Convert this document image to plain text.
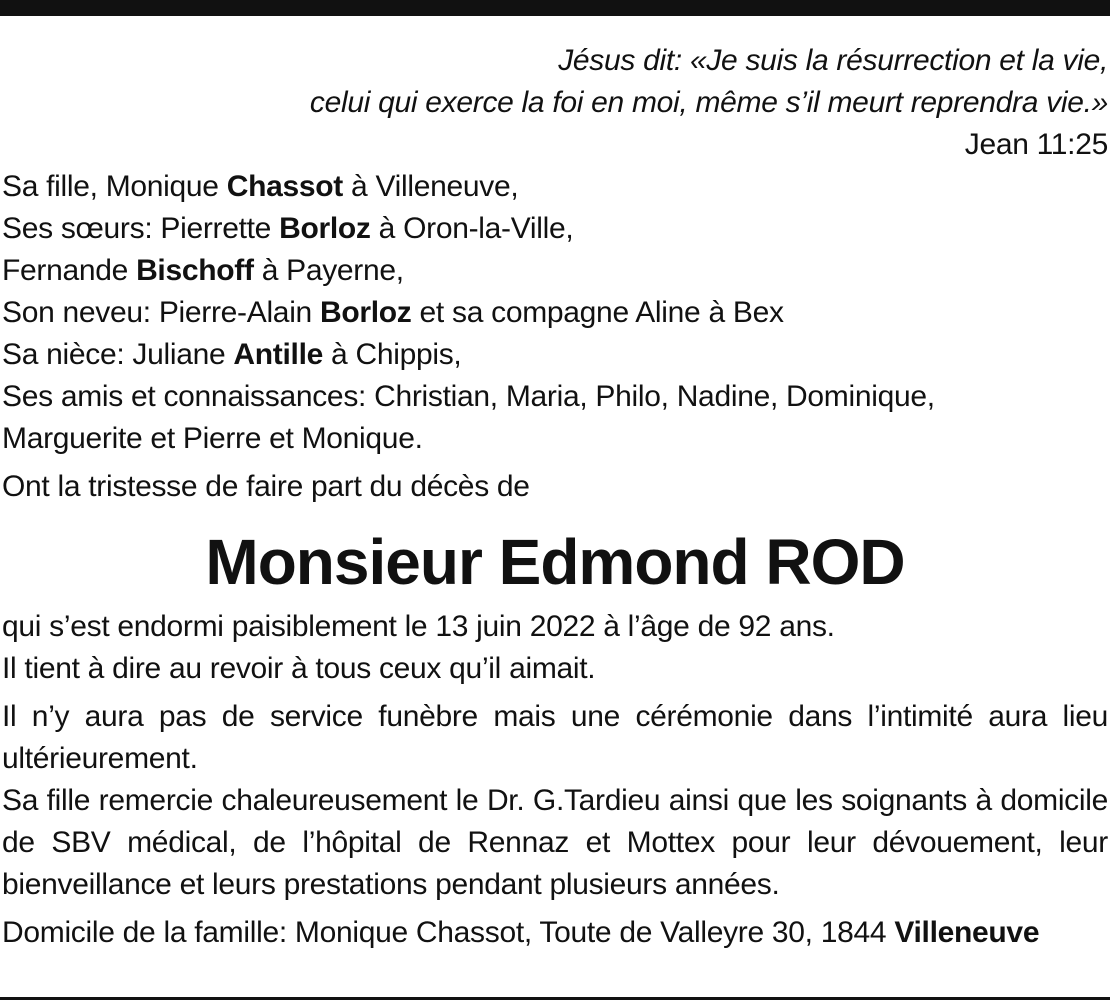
Jésus dit: «Je suis la résurrection et la vie,
celui qui exerce la foi en moi, même s’il meurt reprendra vie.»
Jean 11:25
Sa fille, Monique Chassot à Villeneuve,
Ses sœurs: Pierrette Borloz à Oron-la-Ville,
Fernande Bischoff à Payerne,
Son neveu: Pierre-Alain Borloz et sa compagne Aline à Bex
Sa nièce: Juliane Antille à Chippis,
Ses amis et connaissances: Christian, Maria, Philo, Nadine, Dominique,
Marguerite et Pierre et Monique.
Ont la tristesse de faire part du décès de
Monsieur Edmond ROD
qui s’est endormi paisiblement le 13 juin 2022 à l’âge de 92 ans.
Il tient à dire au revoir à tous ceux qu’il aimait.
Il n’y aura pas de service funèbre mais une cérémonie dans l’intimité aura lieu ultérieurement.
Sa fille remercie chaleureusement le Dr. G.Tardieu ainsi que les soignants à domicile de SBV médical, de l’hôpital de Rennaz et Mottex pour leur dévouement, leur bienveillance et leurs prestations pendant plusieurs années.
Domicile de la famille: Monique Chassot, Toute de Valleyre 30, 1844 Villeneuve
